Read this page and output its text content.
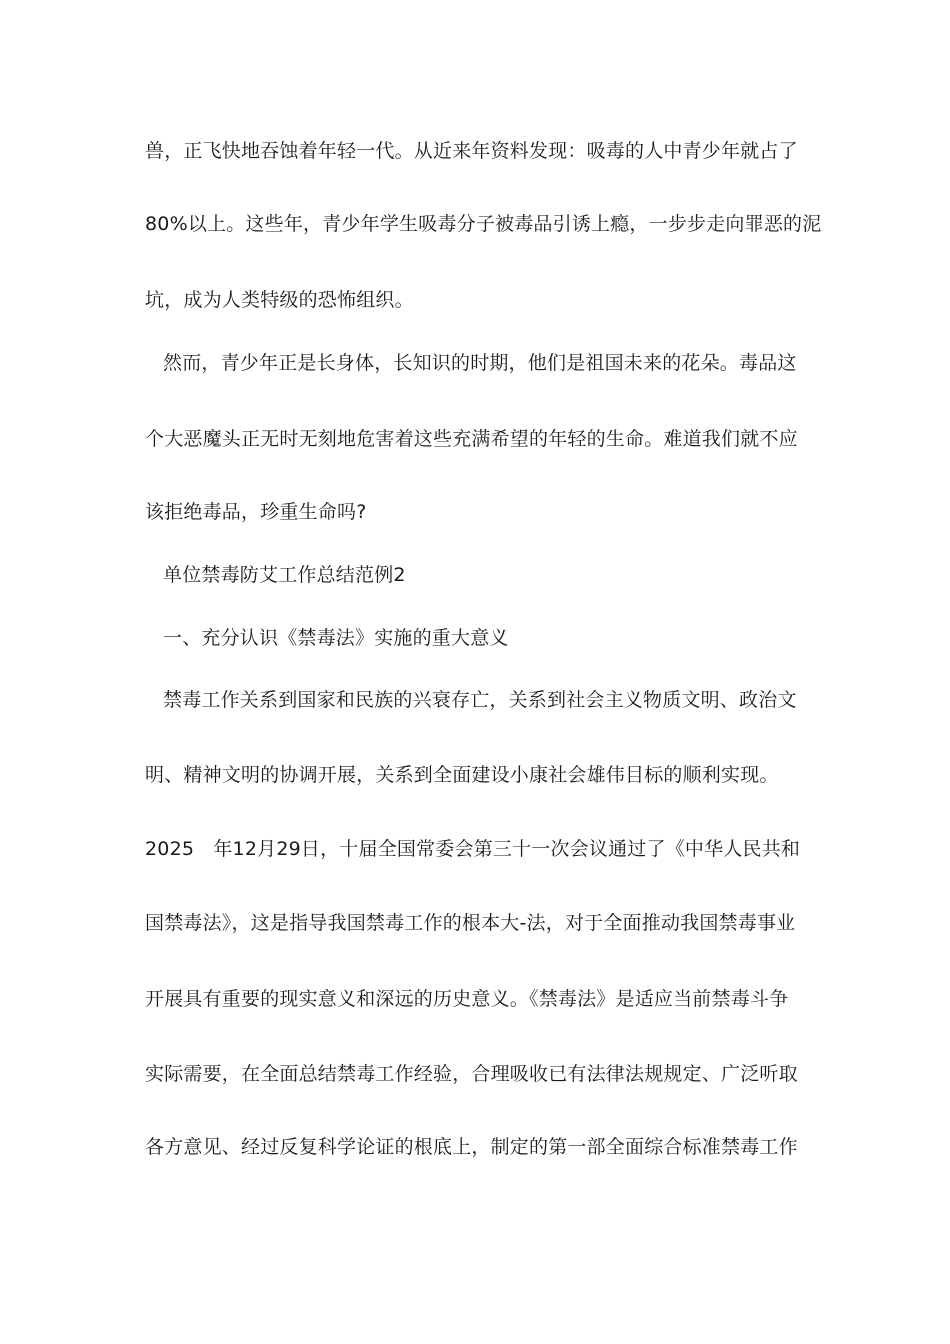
兽，正飞快地吞蚀着年轻一代。从近来年资料发现：吸毒的人中青少年就占了
80%以上。这些年，青少年学生吸毒分子被毒品引诱上瘾，一步步走向罪恶的泥
坑，成为人类特级的恐怖组织。
然而，青少年正是长身体，长知识的时期，他们是祖国未来的花朵。毒品这
个大恶魔头正无时无刻地危害着这些充满希望的年轻的生命。难道我们就不应
该拒绝毒品，珍重生命吗?
单位禁毒防艾工作总结范例2
一、充分认识《禁毒法》实施的重大意义
禁毒工作关系到国家和民族的兴衰存亡，关系到社会主义物质文明、政治文
明、精神文明的协调开展，关系到全面建设小康社会雄伟目标的顺利实现。
2025　年12月29日，十届全国常委会第三十一次会议通过了《中华人民共和
国禁毒法》，这是指导我国禁毒工作的根本大-法，对于全面推动我国禁毒事业
开展具有重要的现实意义和深远的历史意义。《禁毒法》是适应当前禁毒斗争
实际需要，在全面总结禁毒工作经验，合理吸收已有法律法规规定、广泛听取
各方意见、经过反复科学论证的根底上，制定的第一部全面综合标准禁毒工作
